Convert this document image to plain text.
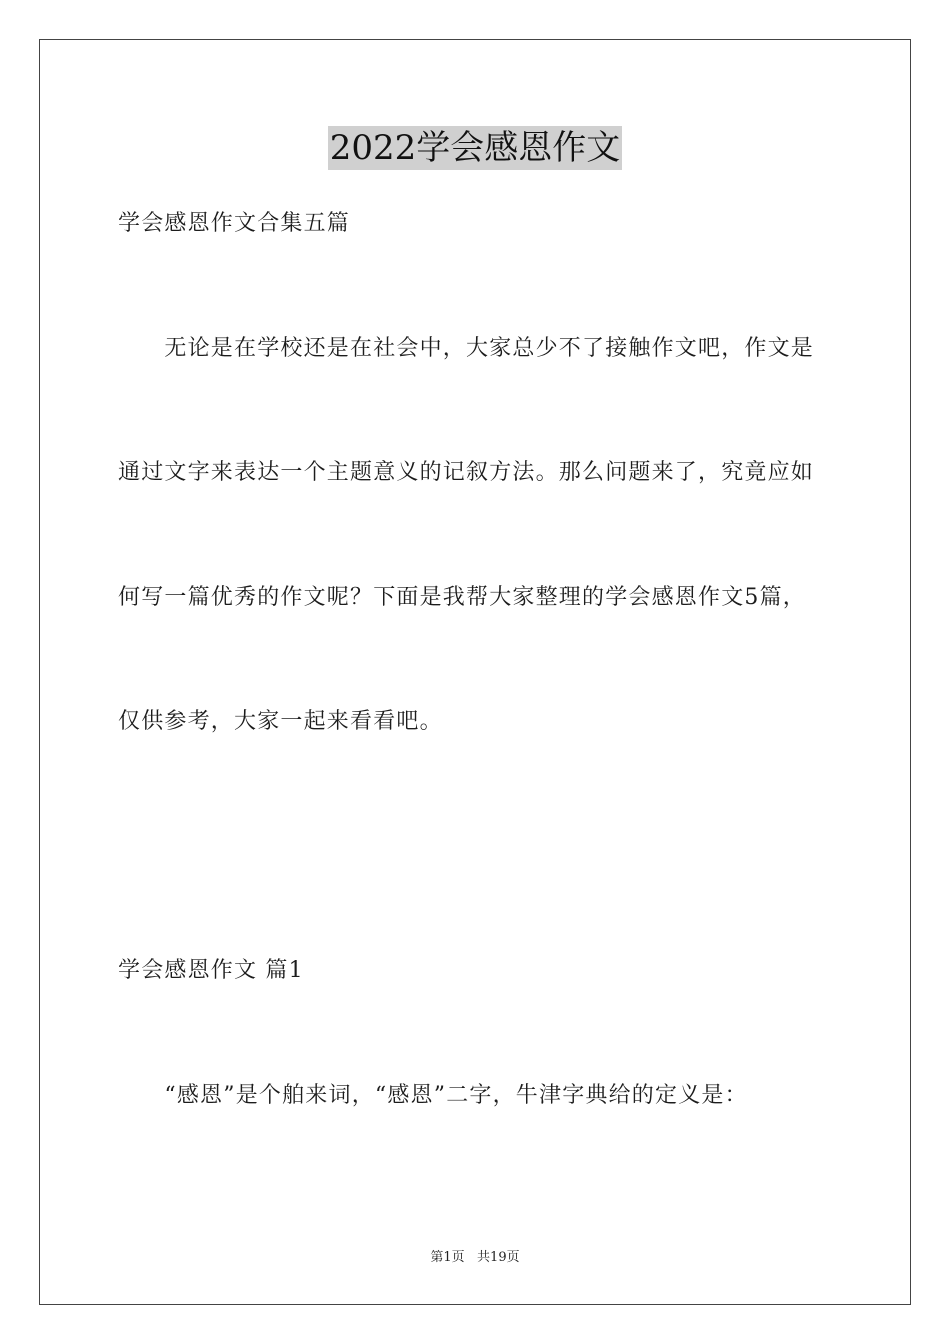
2022学会感恩作文
学会感恩作文合集五篇
　　无论是在学校还是在社会中，大家总少不了接触作文吧，作文是
通过文字来表达一个主题意义的记叙方法。那么问题来了，究竟应如
何写一篇优秀的作文呢？下面是我帮大家整理的学会感恩作文5篇，
仅供参考，大家一起来看看吧。
学会感恩作文 篇1
　　“感恩”是个舶来词，“感恩”二字，牛津字典给的定义是：
第1页   共19页
